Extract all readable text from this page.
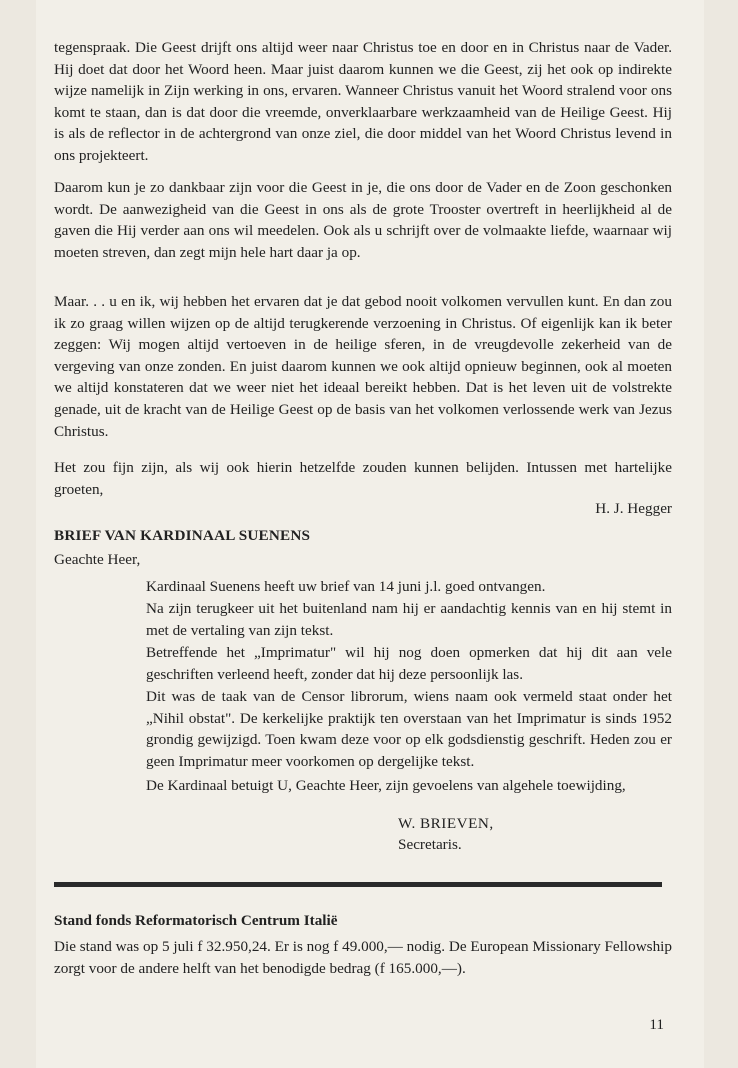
tegenspraak. Die Geest drijft ons altijd weer naar Christus toe en door en in Christus naar de Vader. Hij doet dat door het Woord heen. Maar juist daarom kunnen we die Geest, zij het ook op indirekte wijze namelijk in Zijn werking in ons, ervaren. Wanneer Christus vanuit het Woord stralend voor ons komt te staan, dan is dat door die vreemde, onverklaarbare werkzaamheid van de Heilige Geest. Hij is als de reflector in de achtergrond van onze ziel, die door middel van het Woord Christus levend in ons projekteert.
Daarom kun je zo dankbaar zijn voor die Geest in je, die ons door de Vader en de Zoon geschonken wordt. De aanwezigheid van die Geest in ons als de grote Trooster overtreft in heerlijkheid al de gaven die Hij verder aan ons wil meedelen. Ook als u schrijft over de volmaakte liefde, waarnaar wij moeten streven, dan zegt mijn hele hart daar ja op.
Maar. . . u en ik, wij hebben het ervaren dat je dat gebod nooit volkomen vervullen kunt. En dan zou ik zo graag willen wijzen op de altijd terugkerende verzoening in Christus. Of eigenlijk kan ik beter zeggen: Wij mogen altijd vertoeven in de heilige sferen, in de vreugdevolle zekerheid van de vergeving van onze zonden. En juist daarom kunnen we ook altijd opnieuw beginnen, ook al moeten we altijd konstateren dat we weer niet het ideaal bereikt hebben. Dat is het leven uit de volstrekte genade, uit de kracht van de Heilige Geest op de basis van het volkomen verlossende werk van Jezus Christus.
Het zou fijn zijn, als wij ook hierin hetzelfde zouden kunnen belijden. Intussen met hartelijke groeten,
H. J. Hegger
BRIEF VAN KARDINAAL SUENENS
Geachte Heer,
Kardinaal Suenens heeft uw brief van 14 juni j.l. goed ontvangen.
Na zijn terugkeer uit het buitenland nam hij er aandachtig kennis van en hij stemt in met de vertaling van zijn tekst.
Betreffende het „Imprimatur" wil hij nog doen opmerken dat hij dit aan vele geschriften verleend heeft, zonder dat hij deze persoonlijk las.
Dit was de taak van de Censor librorum, wiens naam ook vermeld staat onder het „Nihil obstat". De kerkelijke praktijk ten overstaan van het Imprimatur is sinds 1952 grondig gewijzigd. Toen kwam deze voor op elk godsdienstig geschrift. Heden zou er geen Imprimatur meer voorkomen op dergelijke tekst.
De Kardinaal betuigt U, Geachte Heer, zijn gevoelens van algehele toewijding,
W. BRIEVEN,
Secretaris.
Stand fonds Reformatorisch Centrum Italië
Die stand was op 5 juli f 32.950,24. Er is nog f 49.000,— nodig. De European Missionary Fellowship zorgt voor de andere helft van het benodigde bedrag (f 165.000,—).
11
